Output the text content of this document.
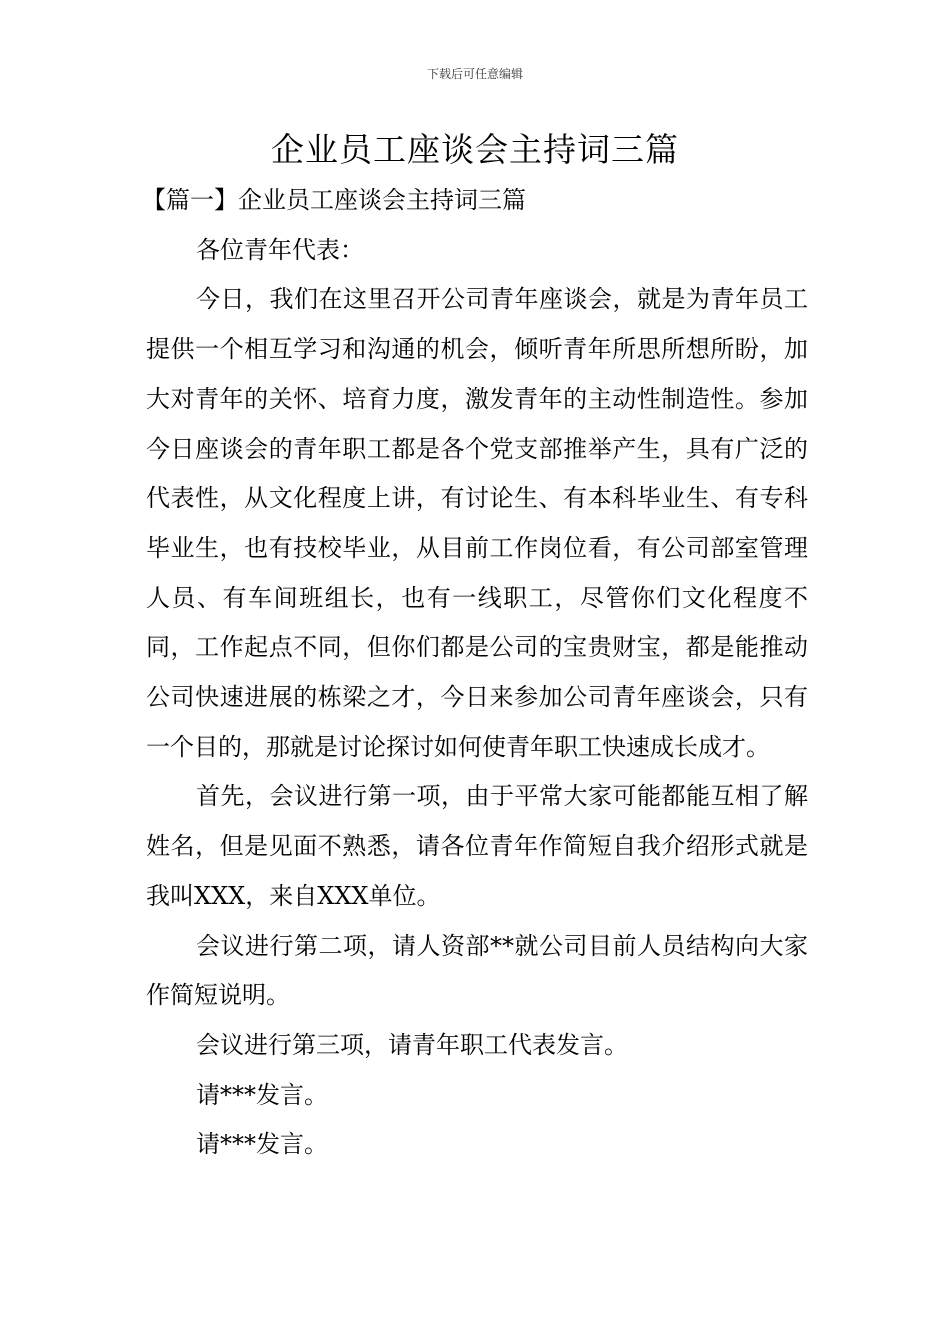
下载后可任意编辑
企业员工座谈会主持词三篇

【篇一】企业员工座谈会主持词三篇

各位青年代表：

今日，我们在这里召开公司青年座谈会，就是为青年员工提供一个相互学习和沟通的机会，倾听青年所思所想所盼，加大对青年的关怀、培育力度，激发青年的主动性制造性。参加今日座谈会的青年职工都是各个党支部推举产生，具有广泛的代表性，从文化程度上讲，有讨论生、有本科毕业生、有专科毕业生，也有技校毕业，从目前工作岗位看，有公司部室管理人员、有车间班组长，也有一线职工，尽管你们文化程度不同，工作起点不同，但你们都是公司的宝贵财宝，都是能推动公司快速进展的栋梁之才，今日来参加公司青年座谈会，只有一个目的，那就是讨论探讨如何使青年职工快速成长成才。

首先，会议进行第一项，由于平常大家可能都能互相了解姓名，但是见面不熟悉，请各位青年作简短自我介绍形式就是我叫XXX，来自XXX单位。

会议进行第二项，请人资部**就公司目前人员结构向大家作简短说明。

会议进行第三项，请青年职工代表发言。

请***发言。

请***发言。
